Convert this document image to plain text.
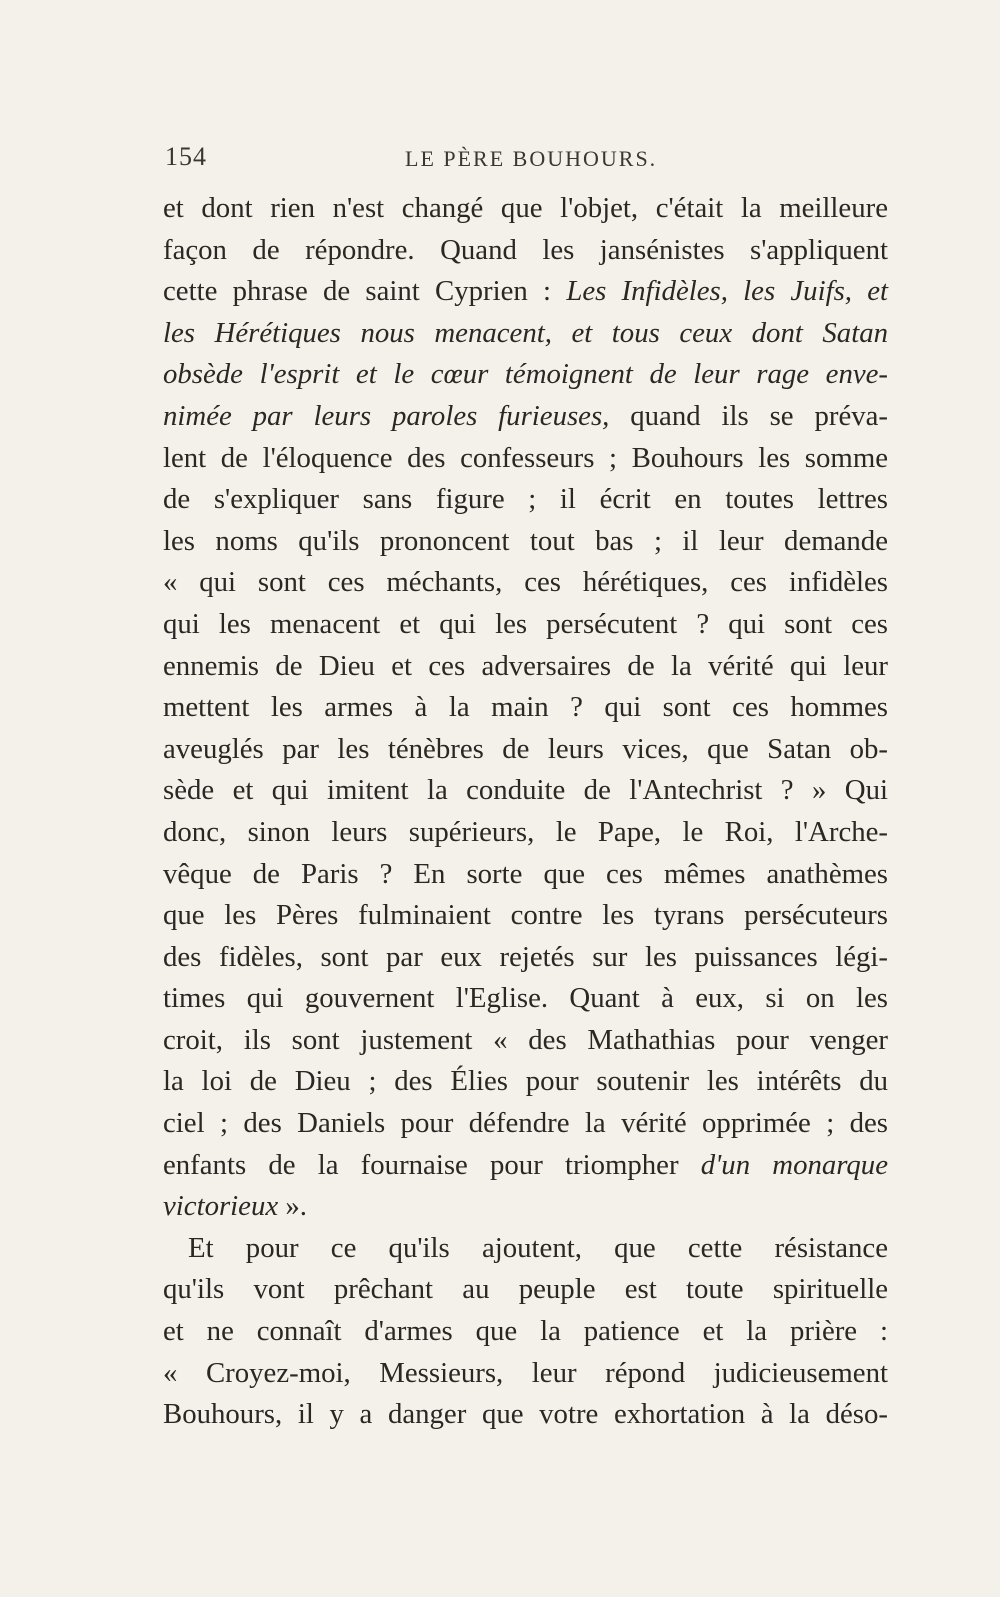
154	LE PÈRE BOUHOURS.
et dont rien n'est changé que l'objet, c'était la meilleure
façon de répondre. Quand les jansénistes s'appliquent
cette phrase de saint Cyprien : Les Infidèles, les Juifs, et
les Hérétiques nous menacent, et tous ceux dont Satan
obsède l'esprit et le cœur témoignent de leur rage enve-
nimée par leurs paroles furieuses, quand ils se préva-
lent de l'éloquence des confesseurs ; Bouhours les somme
de s'expliquer sans figure ; il écrit en toutes lettres
les noms qu'ils prononcent tout bas ; il leur demande
« qui sont ces méchants, ces hérétiques, ces infidèles
qui les menacent et qui les persécutent ? qui sont ces
ennemis de Dieu et ces adversaires de la vérité qui leur
mettent les armes à la main ? qui sont ces hommes
aveuglés par les ténèbres de leurs vices, que Satan ob-
sède et qui imitent la conduite de l'Antechrist ? » Qui
donc, sinon leurs supérieurs, le Pape, le Roi, l'Arche-
vêque de Paris ? En sorte que ces mêmes anathèmes
que les Pères fulminaient contre les tyrans persécuteurs
des fidèles, sont par eux rejetés sur les puissances légi-
times qui gouvernent l'Eglise. Quant à eux, si on les
croit, ils sont justement « des Mathathias pour venger
la loi de Dieu ; des Élies pour soutenir les intérêts du
ciel ; des Daniels pour défendre la vérité opprimée ; des
enfants de la fournaise pour triompher d'un monarque
victorieux ».
Et pour ce qu'ils ajoutent, que cette résistance
qu'ils vont prêchant au peuple est toute spirituelle
et ne connaît d'armes que la patience et la prière :
« Croyez-moi, Messieurs, leur répond judicieusement
Bouhours, il y a danger que votre exhortation à la déso-
